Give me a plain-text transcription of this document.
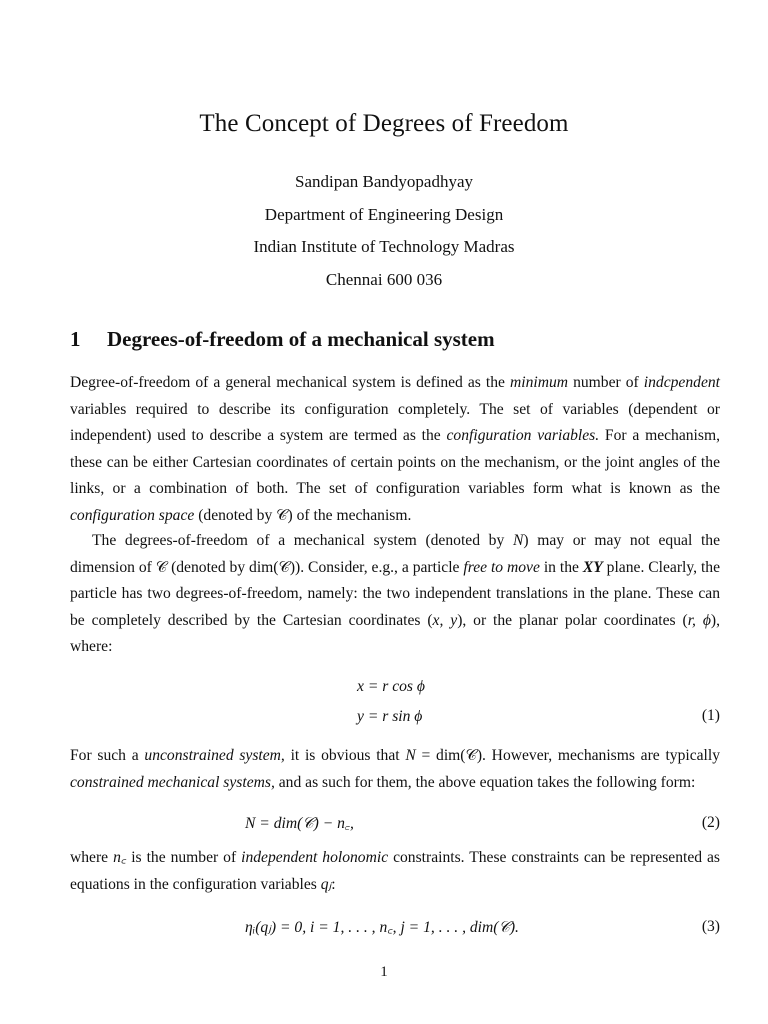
The Concept of Degrees of Freedom
Sandipan Bandyopadhyay
Department of Engineering Design
Indian Institute of Technology Madras
Chennai 600 036
1 Degrees-of-freedom of a mechanical system
Degree-of-freedom of a general mechanical system is defined as the minimum number of indcpendent variables required to describe its configuration completely. The set of variables (dependent or independent) used to describe a system are termed as the configuration variables. For a mechanism, these can be either Cartesian coordinates of certain points on the mechanism, or the joint angles of the links, or a combination of both. The set of configuration variables form what is known as the configuration space (denoted by 𝒞) of the mechanism.
The degrees-of-freedom of a mechanical system (denoted by N) may or may not equal the dimension of 𝒞 (denoted by dim(𝒞)). Consider, e.g., a particle free to move in the XY plane. Clearly, the particle has two degrees-of-freedom, namely: the two independent translations in the plane. These can be completely described by the Cartesian coordinates (x, y), or the planar polar coordinates (r, ϕ), where:
x = r cos ϕ
y = r sin ϕ	(1)
For such a unconstrained system, it is obvious that N = dim(𝒞). However, mechanisms are typically constrained mechanical systems, and as such for them, the above equation takes the following form:
N = dim(𝒞) − n꜀,	(2)
where n꜀ is the number of independent holonomic constraints. These constraints can be represented as equations in the configuration variables qⱼ:
ηᵢ(qⱼ) = 0, i = 1, . . . , n꜀, j = 1, . . . , dim(𝒞).	(3)
1
